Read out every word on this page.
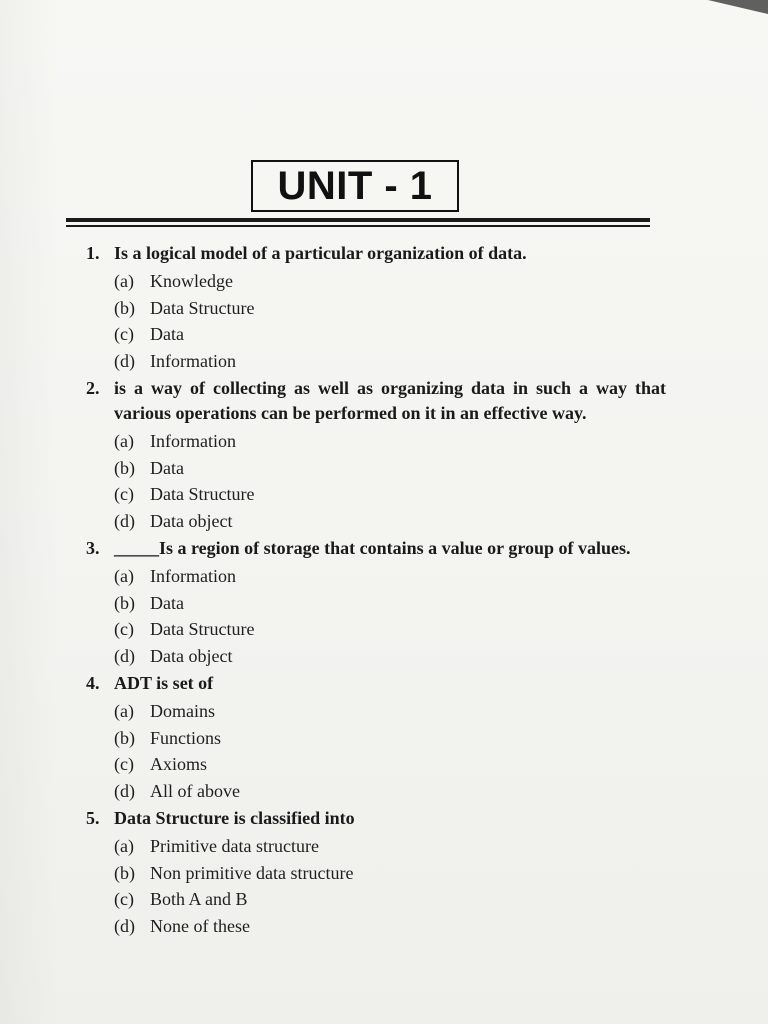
UNIT - 1
1. Is a logical model of a particular organization of data.
(a) Knowledge
(b) Data Structure
(c) Data
(d) Information
2. is a way of collecting as well as organizing data in such a way that various operations can be performed on it in an effective way.
(a) Information
(b) Data
(c) Data Structure
(d) Data object
3. _____Is a region of storage that contains a value or group of values.
(a) Information
(b) Data
(c) Data Structure
(d) Data object
4. ADT is set of
(a) Domains
(b) Functions
(c) Axioms
(d) All of above
5. Data Structure is classified into
(a) Primitive data structure
(b) Non primitive data structure
(c) Both A and B
(d) None of these
